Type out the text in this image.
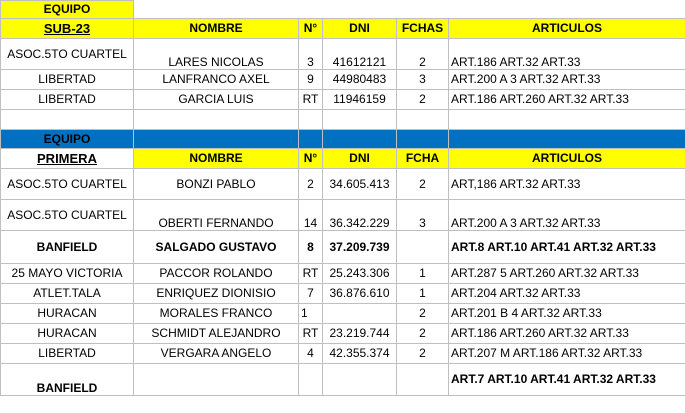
EQUIPO					
SUB-23	NOMBRE	N°	DNI	FCHAS	ARTICULOS
ASOC.5TO CUARTEL	LARES NICOLAS	3	41612121	2	ART.186 ART.32 ART.33
LIBERTAD	LANFRANCO AXEL	9	44980483	3	ART.200 A 3 ART.32 ART.33
LIBERTAD	GARCIA LUIS	RT	11946159	2	ART.186 ART.260 ART.32 ART.33

EQUIPO					
PRIMERA	NOMBRE	N°	DNI	FCHA	ARTICULOS
ASOC.5TO CUARTEL	BONZI PABLO	2	34.605.413	2	ART,186 ART.32 ART.33
ASOC.5TO CUARTEL	OBERTI FERNANDO	14	36.342.229	3	ART.200 A 3 ART.32 ART.33
BANFIELD	SALGADO GUSTAVO	8	37.209.739		ART.8 ART.10 ART.41 ART.32 ART.33
25 MAYO VICTORIA	PACCOR ROLANDO	RT	25.243.306	1	ART.287 5 ART.260 ART.32 ART.33
ATLET.TALA	ENRIQUEZ DIONISIO	7	36.876.610	1	ART.204 ART.32 ART.33
HURACAN	MORALES FRANCO	1		2	ART.201 B 4 ART.32 ART.33
HURACAN	SCHMIDT ALEJANDRO	RT	23.219.744	2	ART.186 ART.260 ART.32 ART.33
LIBERTAD	VERGARA ANGELO	4	42.355.374	2	ART.207 M ART.186 ART.32 ART.33
BANFIELD					ART.7 ART.10 ART.41 ART.32 ART.33
